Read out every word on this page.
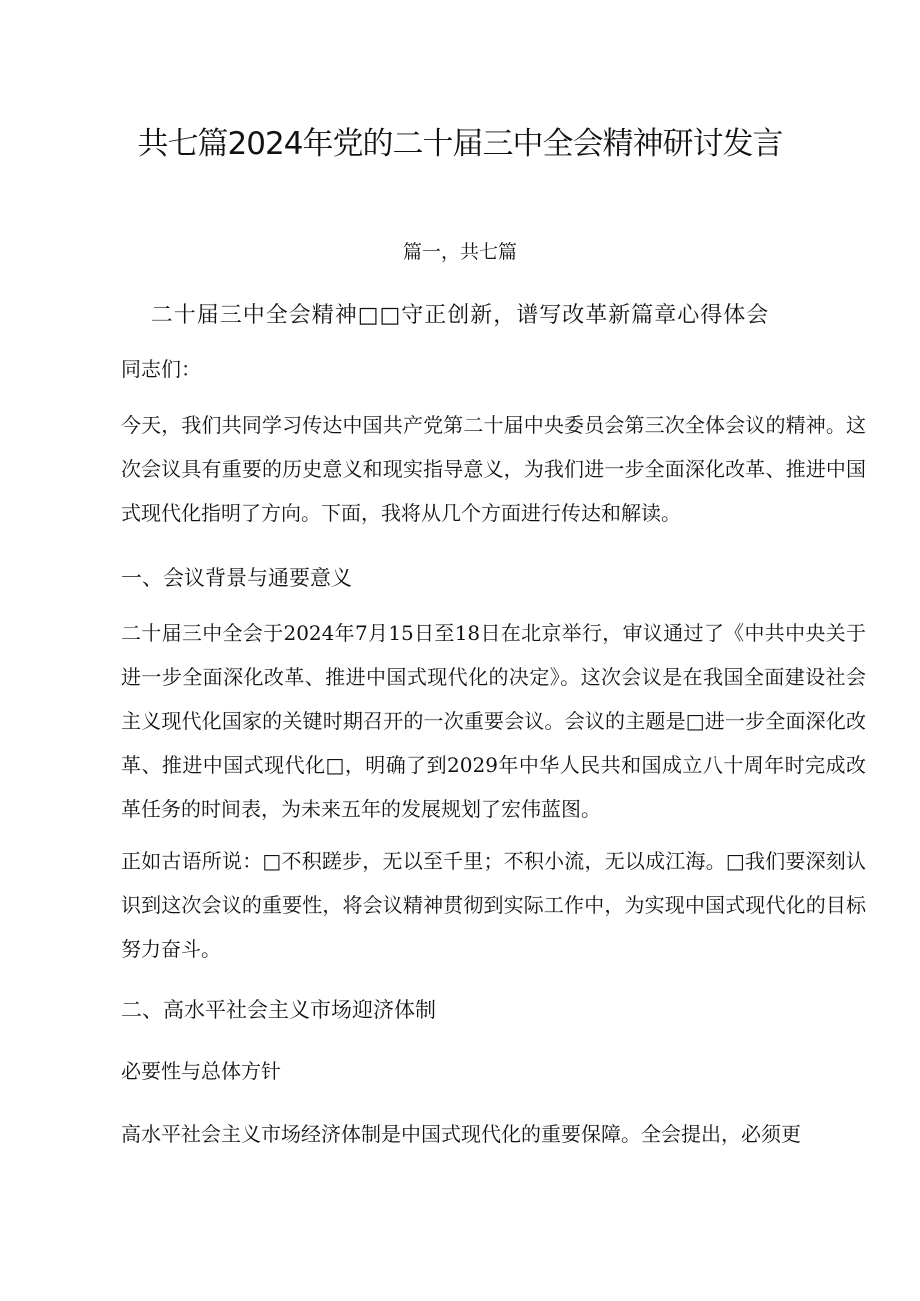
共七篇2024年党的二十届三中全会精神研讨发言

篇一，共七篇

二十届三中全会精神□□守正创新，谱写改革新篇章心得体会

同志们：

今天，我们共同学习传达中国共产党第二十届中央委员会第三次全体会议的精神。这次会议具有重要的历史意义和现实指导意义，为我们进一步全面深化改革、推进中国式现代化指明了方向。下面，我将从几个方面进行传达和解读。

一、会议背景与通要意义

二十届三中全会于2024年7月15日至18日在北京举行，审议通过了《中共中央关于进一步全面深化改革、推进中国式现代化的决定》。这次会议是在我国全面建设社会主义现代化国家的关键时期召开的一次重要会议。会议的主题是□进一步全面深化改革、推进中国式现代化□，明确了到2029年中华人民共和国成立八十周年时完成改革任务的时间表，为未来五年的发展规划了宏伟蓝图。

正如古语所说：□不积蹉步，无以至千里；不积小流，无以成江海。□我们要深刻认识到这次会议的重要性，将会议精神贯彻到实际工作中，为实现中国式现代化的目标努力奋斗。

二、高水平社会主义市场迎济体制

必要性与总体方针

高水平社会主义市场经济体制是中国式现代化的重要保障。全会提出，必须更
